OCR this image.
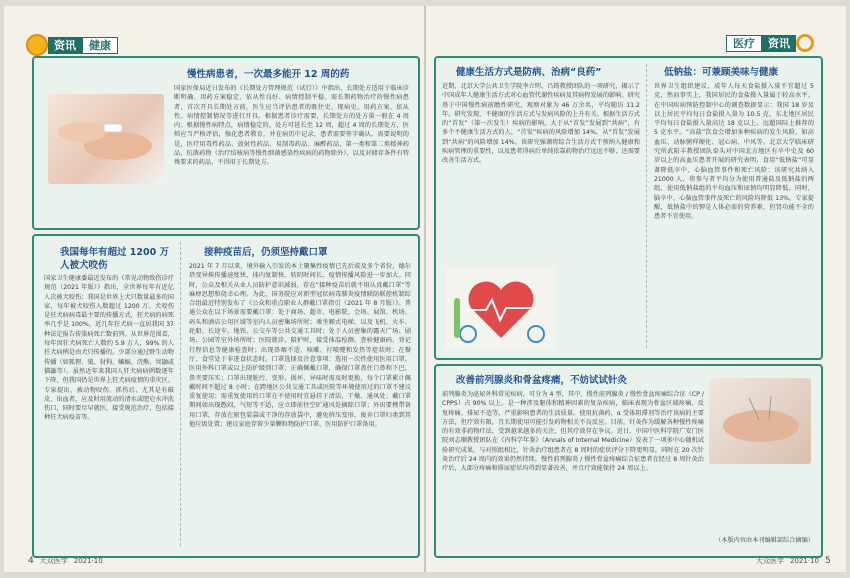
资讯	健康
慢性病患者，一次最多能开 12 周的药
国家医保局近日发布的《长期处方管理规范（试行）》中指出，长期处方适用于临床诊断明确、用药方案稳定、依从性良好、病情控制平稳、需长期药物治疗的慢性病患者，首次开具长期处方前，医生应当评估患者的既往史、现病史、用药方案、依从性、病情控制情况等进行开具。根据患者诊疗需要，长期处方的处方量一般在 4 周内；根据慢性病特点，病情稳定的，处方可延长至 12 周，超过 4 周的长期处方，医师应当严格评估，强化患者教育，并在病历中记录，患者需要签字确认。需要说明的是，医疗用毒性药品、放射性药品、易制毒药品、麻醉药品、第一类和第二类精神药品，抗菌药物（治疗结核病等慢性细菌感染性疾病的药物除外），以及对储存条件有特殊要求的药品，不得用于长期处方。
我国每年有超过 1200 万人被犬咬伤
国家卫生健康委最近发布的《常见动物致伤诊疗规范（2021 年版）》指出，全世界每年有近亿人次被犬咬伤；我国是世界上犬只数量最多的国家，每年被犬咬伤人数超过 1200 万。犬咬伤是狂犬病病毒最主要的传播方式，狂犬病的病死率几乎是 100%，近几年狂犬病一直居我国 37 种法定报告传染病死亡数前列。从世界范围看，每年因狂犬病死亡人数约 5.9 万人，99% 的人狂犬病例是由犬只传播的。少部分通过野生动物传播（如狐狸、狼、豺狗、蝙蝠、浣熊、臭鼬或猫鼬等）。虽然近年来我国人狂犬病病例数逐年下降，但我国仍是世界上狂犬病疫情的重灾区。专家提出，被动物咬伤、抓伤后，尤其是有破皮、出血者，应及时用流动的清水或肥皂水冲洗伤口，同时要尽早就医，接受规范治疗，包括接种狂犬病疫苗等。
接种疫苗后，仍须坚持戴口罩
2021 年 7 月以来，境外输入引发的本土聚集性疫情已先后波及多个省份，德尔塔变异株传播速度快、体内复制快、转阴时间长，疫情传播风险进一步加大。同时，公众及相关从业人员防护意识减弱，存在“接种疫苗后就不用认真戴口罩”等麻痹思想和侥幸心理。为此，国务院应对新型冠状病毒肺炎疫情联防联控机制综合组最近特别发布了《公众和重点职业人群戴口罩指引（2021 年 8 月版）》。普通公众在以下场景需要戴口罩：处于商场、超市、电影院、会场、展馆、机场、码头和酒店公用区域等室内人员密集场所时；乘坐厢式电梯、以及飞机、火车、轮船、长途车、地铁、公交车等公共交通工具时；处于人员密集的露天广场、剧场、公园等室外场所时；医院就诊、陪护时，接受体温检测、查验健康码、登记行程信息等健康检查时；出现鼻咽不适、咳嗽、打喷嚏和发热等症状时；在餐厅、食堂处于非进食状态时。口罩选择及注意事项：选用一次性使用医用口罩、医用外科口罩或以上防护级别口罩；正确佩戴口罩，确保口罩盖住口鼻和下巴，鼻夹要压实；口罩出现脏污、变形、损坏、异味时需及时更换，每个口罩累计佩戴时间不超过 8 小时；在跨地区公共交通工具或医院等环境使用过的口罩不建议重复使用；需重复使用的口罩在不使用时宜悬挂于清洁、干燥、通风处；戴口罩期间如出现憋闷、气短等不适，应立即前往空旷通风处摘除口罩；外出要携带备用口罩，存放在原包装袋或干净的存放袋中，避免挤压变形，废弃口罩归类到其他垃圾处置；建议家庭存留少量颗粒物防护口罩、医用防护口罩备用。
4 大众医学 2021·10
医疗	资讯
健康生活方式是防病、治病“良药”
近期，北京大学公共卫生学院李立明、吕筠教授团队的一项研究，揭示了中国成年人健康生活方式对心血管代谢性疾病及其病程发展的影响。研究基于中国慢性病前瞻性研究，观察对象为 46 万余名，平均随访 11.2 年。研究发现，不健康的生活方式与发病风险的上升有关。根据生活方式的“首发”（第一次发生）疾病的影响，大于从“首发”发展到“共病”，有多个不健康生活方式的人，“首发”疾病的风险增加 14%，从“首发”发展到“共病”的风险增加 14%。该研究强调将综合生活方式干预纳入健康和疾病管理的重要性，以及患者得病后单纯依靠药物治疗远远不够，还需要改善生活方式。
低钠盐：可兼顾美味与健康
世界卫生组织建议，成年人每天食盐摄入量不宜超过 5 克，然而事实上，我国居民的食盐摄入量属于较高水平。在中国疾病预防控制中心的调查数据显示：我国 18 岁及以上居民平均每日食盐摄入量为 10.5 克，东北地区居民平均每日食盐摄入量高达 18 克以上。远超国际上推荐的 5 克水平。“高盐”饮食会增加多种疾病的发生风险，如高血压、动脉粥样硬化、冠心病、中风等。北京大学临床研究所武阳丰教授团队牵头对中国北方地区有卒中史及 60 岁以上的高血压患者开展的研究表明，食用“低钠盐”可显著降低卒中、心脑血管事件和死亡风险：该研究共纳入 21000 人，将参与者平均分为使用普通盐及低钠盐的两组，使用低钠盐组的平均血压和尿钠均明显降低。同时，脑卒中、心脑血管事件及死亡的风险均降低 13%。专家提醒，低钠盐中的钾是人体必需的营养素，但肾功能不全的患者不宜使用。
改善前列腺炎和骨盆疼痛，不妨试试针灸
前列腺炎为泌尿外科常见疾病，可分为 4 型，其中，慢性前列腺炎 / 慢性骨盆疼痛综合征（CP / CPPS）占 90% 以上。是一种涉及躯体和精神因素的复杂疾病，临床表现为骨盆区域疼痛、反复疼痛、排尿不适等，严重影响患者的生活质量。使用抗菌药、α 受体阻滞剂等治疗该病的主要方法，但疗效有限，且长期使用可能引发药物相关不良反应。目前，针灸作为缓解各种慢性疼痛的有效非药物疗法，受到越来越多的关注，但其疗效存在争议。近日，中国中医科学院广安门医院刘志顺教授团队在《内科学年鉴》（Annals of Internal Medicine）发表了一项多中心随机试验研究成果，与对照组相比，针灸治疗组患者在 8 周时的症状评分下降更明显，同时在 20 次针灸治疗后 24 周内的效果仍然持续。慢性前列腺炎 / 慢性骨盆疼痛综合征患者在经过 8 周针灸治疗后，大部分疼痛和排尿症状均得到显著改善，并且疗效能保持 24 周以上。
（本版内容由本刊编辑部综合摘编）
大众医学 2021·10 5
